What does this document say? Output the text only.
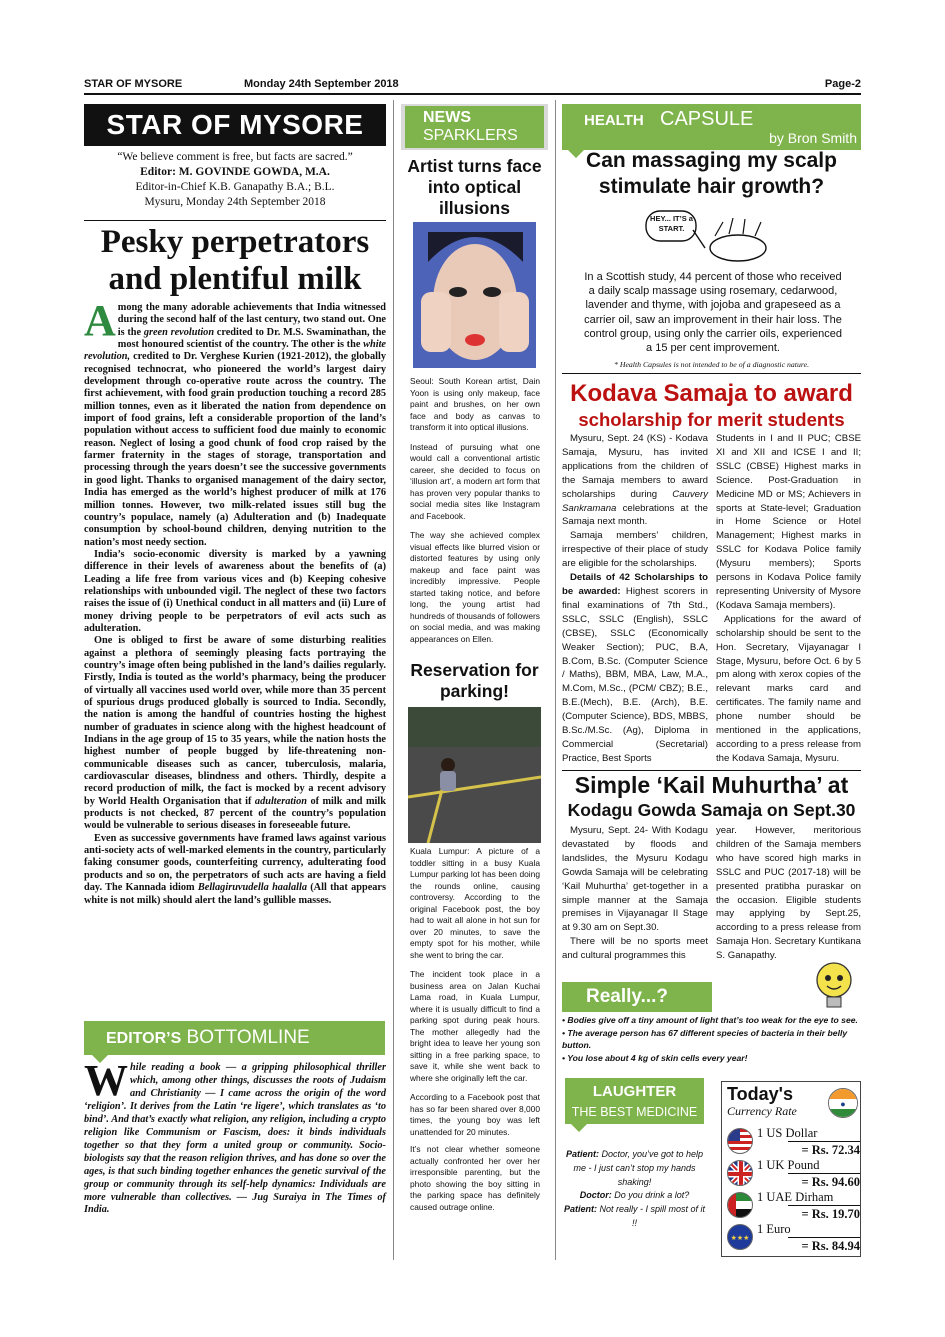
STAR OF MYSORE	Monday 24th September 2018	Page-2
STAR OF MYSORE
“We believe comment is free, but facts are sacred.”
Editor: M. GOVINDE GOWDA, M.A.
Editor-in-Chief K.B. Ganapathy B.A.; B.L.
Mysuru, Monday 24th September 2018
Pesky perpetrators
and plentiful milk

Among the many adorable achievements that India witnessed during the second half of the last century, two stand out. One is the green revolution credited to Dr. M.S. Swaminathan, the most honoured scientist of the country. The other is the white revolution, credited to Dr. Verghese Kurien (1921-2012), the globally recognised technocrat, who pioneered the world’s largest dairy development through co-operative route across the country. The first achievement, with food grain production touching a record 285 million tonnes, even as it liberated the nation from dependence on import of food grains, left a considerable proportion of the land’s population without access to sufficient food due mainly to economic reason. Neglect of losing a good chunk of food crop raised by the farmer fraternity in the stages of storage, transportation and processing through the years doesn’t see the successive governments in good light. Thanks to organised management of the dairy sector, India has emerged as the world’s highest producer of milk at 176 million tonnes. However, two milk-related issues still bug the country’s populace, namely (a) Adulteration and (b) Inadequate consumption by school-bound children, denying nutrition to the nation’s most needy section.

India’s socio-economic diversity is marked by a yawning difference in their levels of awareness about the benefits of (a) Leading a life free from various vices and (b) Keeping cohesive relationships with unbounded vigil. The neglect of these two factors raises the issue of (i) Unethical conduct in all matters and (ii) Lure of money driving people to be perpetrators of evil acts such as adulteration.

One is obliged to first be aware of some disturbing realities against a plethora of seemingly pleasing facts portraying the country’s image often being published in the land’s dailies regularly. Firstly, India is touted as the world’s pharmacy, being the producer of virtually all vaccines used world over, while more than 35 percent of spurious drugs produced globally is sourced to India. Secondly, the nation is among the handful of countries hosting the highest number of graduates in science along with the highest headcount of Indians in the age group of 15 to 35 years, while the nation hosts the highest number of people bugged by life-threatening non-communicable diseases such as cancer, tuberculosis, malaria, cardiovascular diseases, blindness and others. Thirdly, despite a record production of milk, the fact is mocked by a recent advisory by World Health Organisation that if adulteration of milk and milk products is not checked, 87 percent of the country’s population would be vulnerable to serious diseases in foreseeable future.

Even as successive governments have framed laws against various anti-society acts of well-marked elements in the country, particularly faking consumer goods, counterfeiting currency, adulterating food products and so on, the perpetrators of such acts are having a field day. The Kannada idiom Bellagiruvudella haalalla (All that appears white is not milk) should alert the land’s gullible masses.

EDITOR’S BOTTOMLINE
While reading a book — a gripping philosophical thriller which, among other things, discusses the roots of Judaism and Christianity — I came across the origin of the word ‘religion’. It derives from the Latin ‘re ligere’, which translates as ‘to bind’. And that’s exactly what religion, any religion, including a crypto religion like Communism or Fascism, does: it binds individuals together so that they form a united group or community. Socio-biologists say that the reason religion thrives, and has done so over the ages, is that such binding together enhances the genetic survival of the group or community through its self-help dynamics: Individuals are more vulnerable than collectives. — Jug Suraiya in The Times of India.
NEWS
SPARKLERS
Artist turns face into optical illusions

Seoul: South Korean artist, Dain Yoon is using only makeup, face paint and brushes, on her own face and body as canvas to transform it into optical illusions.

Instead of pursuing what one would call a conventional artistic career, she decided to focus on ‘illusion art’, a modern art form that has proven very popular thanks to social media sites like Instagram and Facebook.

The way she achieved complex visual effects like blurred vision or distorted features by using only makeup and face paint was incredibly impressive. People started taking notice, and before long, the young artist had hundreds of thousands of followers on social media, and was making appearances on Ellen.

Reservation for parking!

Kuala Lumpur: A picture of a toddler sitting in a busy Kuala Lumpur parking lot has been doing the rounds online, causing controversy. According to the original Facebook post, the boy had to wait all alone in hot sun for over 20 minutes, to save the empty spot for his mother, while she went to bring the car.

The incident took place in a business area on Jalan Kuchai Lama road, in Kuala Lumpur, where it is usually difficult to find a parking spot during peak hours. The mother allegedly had the bright idea to leave her young son sitting in a free parking space, to save it, while she went back to where she originally left the car.

According to a Facebook post that has so far been shared over 8,000 times, the young boy was left unattended for 20 minutes.

It’s not clear whether someone actually confronted her over her irresponsible parenting, but the photo showing the boy sitting in the parking space has definitely caused outrage online.

HEALTH CAPSULE
by Bron Smith
Can massaging my scalp stimulate hair growth?
HEY... IT’S a START.
In a Scottish study, 44 percent of those who received a daily scalp massage using rosemary, cedarwood, lavender and thyme, with jojoba and grapeseed as a carrier oil, saw an improvement in their hair loss. The control group, using only the carrier oils, experienced a 15 per cent improvement.
* Health Capsules is not intended to be of a diagnostic nature.
Kodava Samaja to award
scholarship for merit students

Mysuru, Sept. 24 (KS) - Kodava Samaja, Mysuru, has invited applications from the children of the Samaja members to award scholarships during Cauvery Sankramana celebrations at the Samaja next month.

Samaja members’ children, irrespective of their place of study are eligible for the scholarships.

Details of 42 Scholarships to be awarded: Highest scorers in final examinations of 7th Std., SSLC, SSLC (English), SSLC (CBSE), SSLC (Economically Weaker Section); PUC, B.A, B.Com, B.Sc. (Computer Science / Maths), BBM, MBA, Law, M.A., M.Com, M.Sc., (PCM/ CBZ); B.E., B.E.(Mech), B.E. (Arch), B.E. (Computer Science), BDS, MBBS, B.Sc./M.Sc. (Ag), Diploma in Commercial (Secretarial) Practice, Best Sports

Students in I and II PUC; CBSE XI and XII and ICSE I and II; SSLC (CBSE) Highest marks in Science. Post-Graduation in Medicine MD or MS; Achievers in sports at State-level; Graduation in Home Science or Hotel Management; Highest marks in SSLC for Kodava Police family (Mysuru members); Sports persons in Kodava Police family representing University of Mysore (Kodava Samaja members).

Applications for the award of scholarship should be sent to the Hon. Secretary, Vijayanagar I Stage, Mysuru, before Oct. 6 by 5 pm along with xerox copies of the relevant marks card and certificates. The family name and phone number should be mentioned in the applications, according to a press release from the Kodava Samaja, Mysuru.

Simple ‘Kail Muhurtha’ at
Kodagu Gowda Samaja on Sept.30

Mysuru, Sept. 24- With Kodagu devastated by floods and landslides, the Mysuru Kodagu Gowda Samaja will be celebrating ‘Kail Muhurtha’ get-together in a simple manner at the Samaja premises in Vijayanagar II Stage at 9.30 am on Sept.30.

There will be no sports meet and cultural programmes this

year. However, meritorious children of the Samaja members who have scored high marks in SSLC and PUC (2017-18) will be presented pratibha puraskar on the occasion. Eligible students may applying by Sept.25, according to a press release from Samaja Hon. Secretary Kuntikana S. Ganapathy.

Really...?
• Bodies give off a tiny amount of light that’s too weak for the eye to see.
• The average person has 67 different species of bacteria in their belly button.
• You lose about 4 kg of skin cells every year!
LAUGHTER
THE BEST MEDICINE

Patient: Doctor, you’ve got to help me - I just can’t stop my hands shaking!

Doctor: Do you drink a lot?

Patient: Not really - I spill most of it !!

Today's
Currency Rate	●
1 US Dollar
= Rs. 72.34
1 UK Pound
= Rs. 94.60
1 UAE Dirham
= Rs. 19.70
★★★
1 Euro
= Rs. 84.94
